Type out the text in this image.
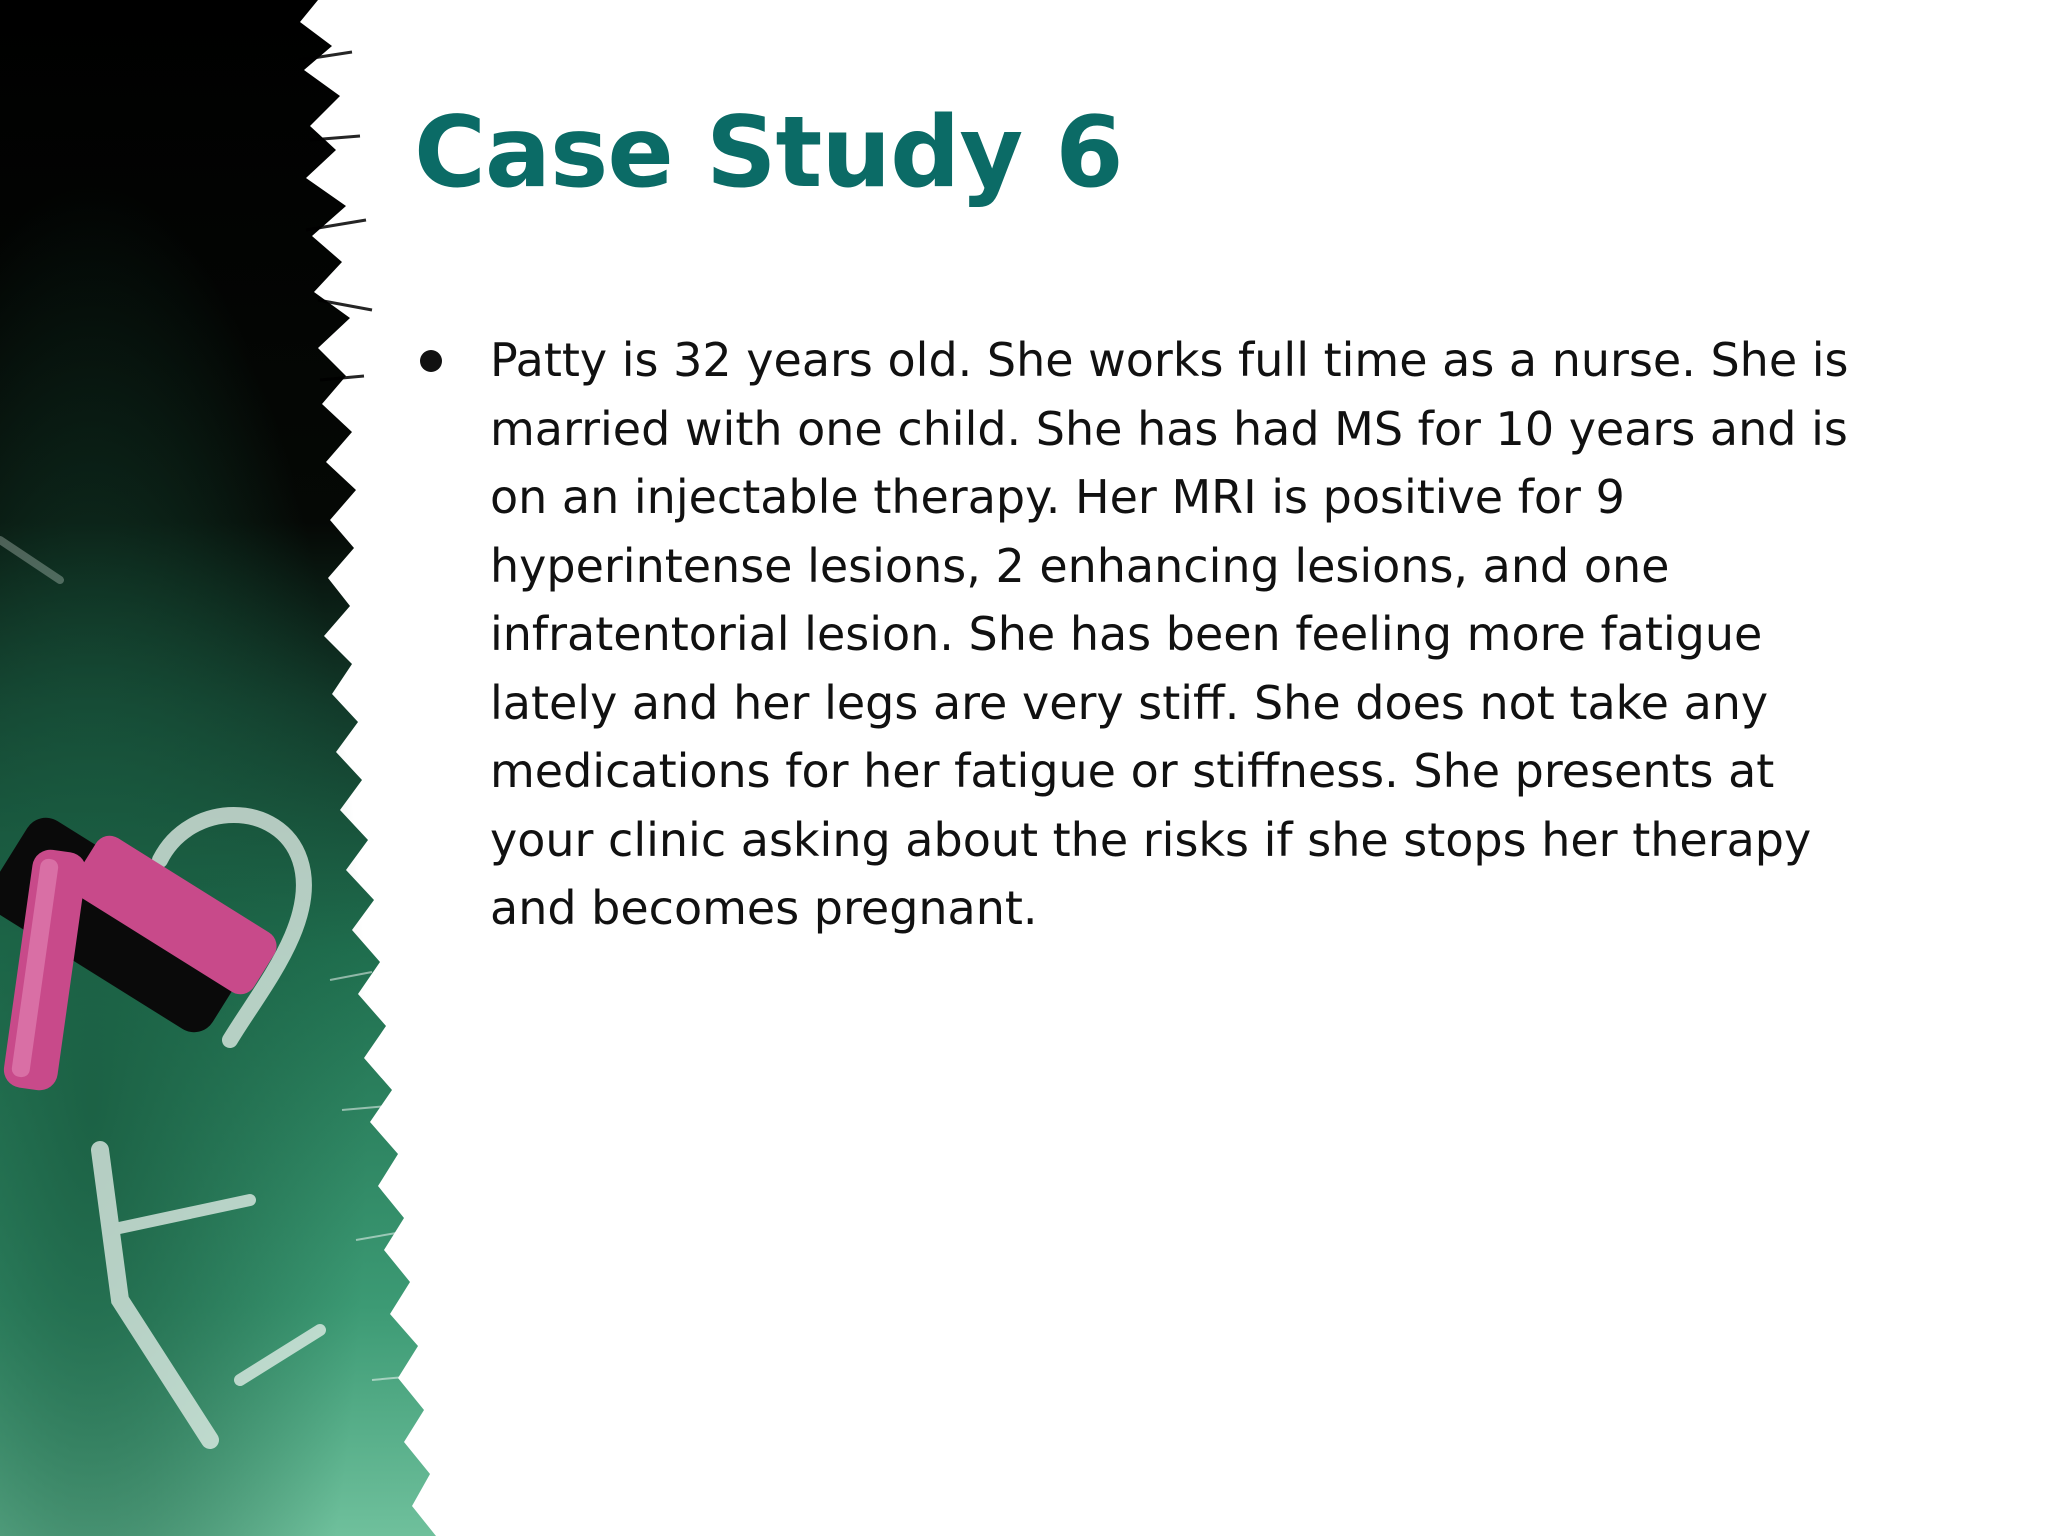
Case Study 6
Patty is 32 years old. She works full time as a nurse. She is
married with one child. She has had MS for 10 years and is
on an injectable therapy. Her MRI is positive for 9
hyperintense lesions, 2 enhancing lesions, and one
infratentorial lesion. She has been feeling more fatigue
lately and her legs are very stiff. She does not take any
medications for her fatigue or stiffness. She presents at
your clinic asking about the risks if she stops her therapy
and becomes pregnant.
